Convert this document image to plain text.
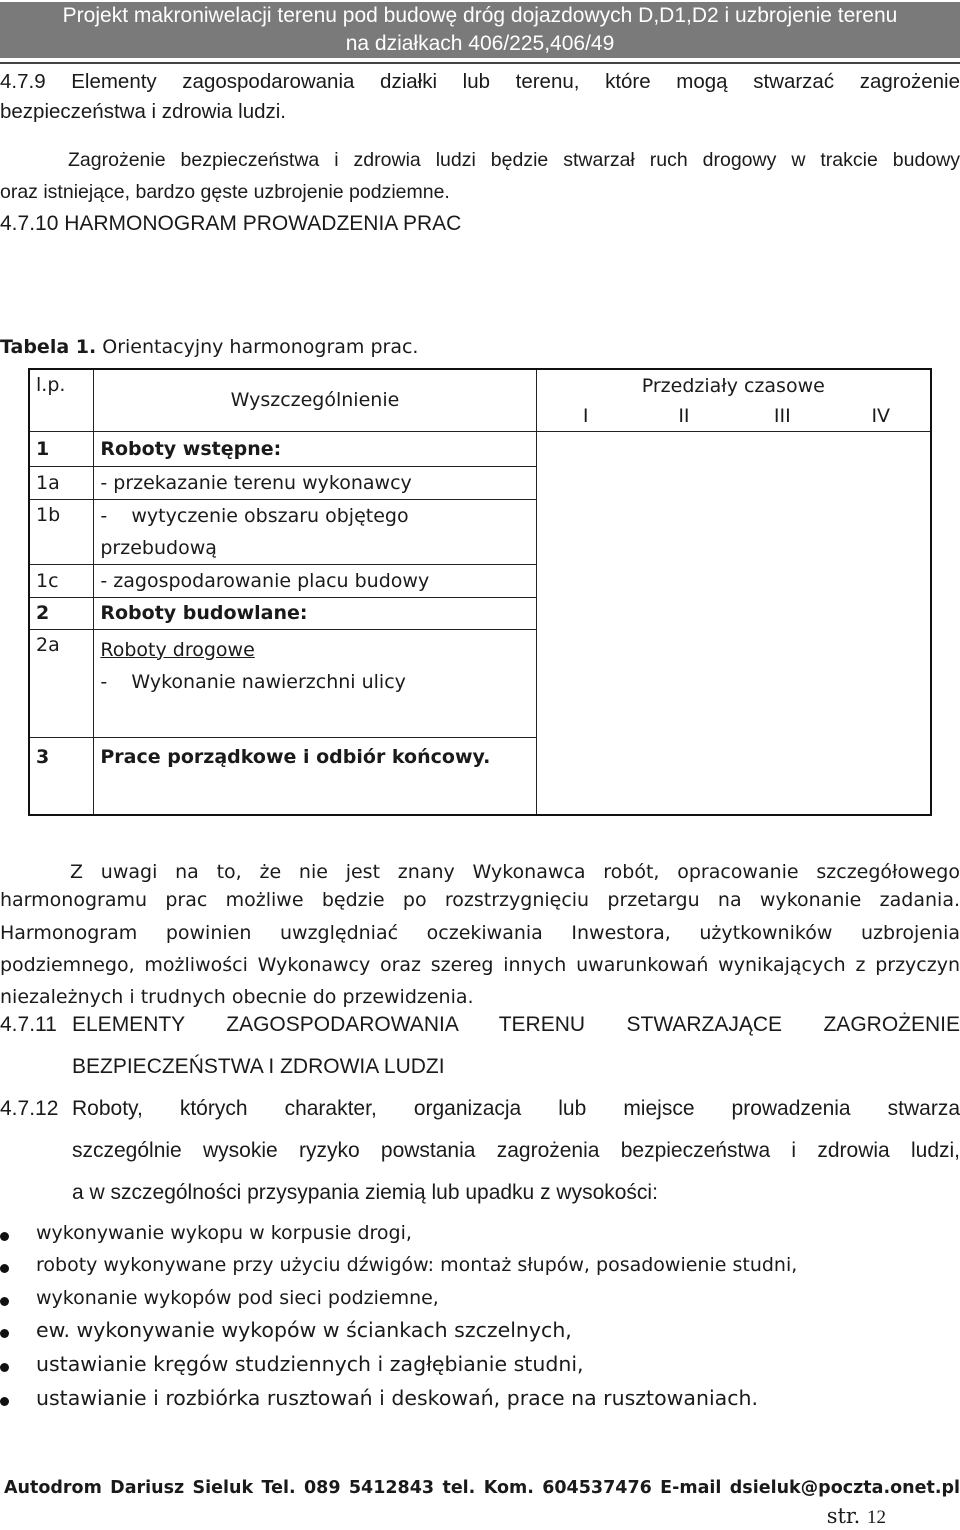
Projekt makroniwelacji terenu pod budowę dróg dojazdowych D,D1,D2 i uzbrojenie terenu
na działkach 406/225,406/49
4.7.9 Elementy zagospodarowania działki lub terenu, które mogą stwarzać zagrożenie
bezpieczeństwa i zdrowia ludzi.
Zagrożenie bezpieczeństwa i zdrowia ludzi będzie stwarzał ruch drogowy w trakcie budowy
oraz istniejące, bardzo gęste uzbrojenie podziemne.
4.7.10 HARMONOGRAM PROWADZENIA PRAC
Tabela 1. Orientacyjny harmonogram prac.
l.p.	Wyszczególnienie	Przedziały czasowe			
		I	II	III	IV
1	Roboty wstępne:				
1a	- przekazanie terenu wykonawcy				
1b	-    wytyczenie obszaru objętego
przebudową				

1c	- zagospodarowanie placu budowy				
2	Roboty budowlane:				
2a	Roboty drogowe
-    Wykonanie nawierzchni ulicy				

3	Prace porządkowe i odbiór końcowy.				
Z uwagi na to, że nie jest znany Wykonawca robót, opracowanie szczegółowego
harmonogramu prac możliwe będzie po rozstrzygnięciu przetargu na wykonanie zadania.
Harmonogram powinien uwzględniać oczekiwania Inwestora, użytkowników uzbrojenia
podziemnego, możliwości Wykonawcy oraz szereg innych uwarunkowań wynikających z przyczyn
niezależnych i trudnych obecnie do przewidzenia.
4.7.11 ELEMENTY ZAGOSPODAROWANIA TERENU STWARZAJĄCE ZAGROŻENIE
BEZPIECZEŃSTWA I ZDROWIA LUDZI
4.7.12 Roboty, których charakter, organizacja lub miejsce prowadzenia stwarza
szczególnie wysokie ryzyko powstania zagrożenia bezpieczeństwa i zdrowia ludzi,
a w szczególności przysypania ziemią lub upadku z wysokości:
wykonywanie wykopu w korpusie drogi,
roboty wykonywane przy użyciu dźwigów: montaż słupów, posadowienie studni,
wykonanie wykopów pod sieci podziemne,
ew. wykonywanie wykopów w ściankach szczelnych,
ustawianie kręgów studziennych i zagłębianie studni,
ustawianie i rozbiórka rusztowań i deskowań, prace na rusztowaniach.
Autodrom Dariusz Sieluk Tel. 089 5412843 tel. Kom. 604537476 E-mail dsieluk@poczta.onet.pl
str. 12
